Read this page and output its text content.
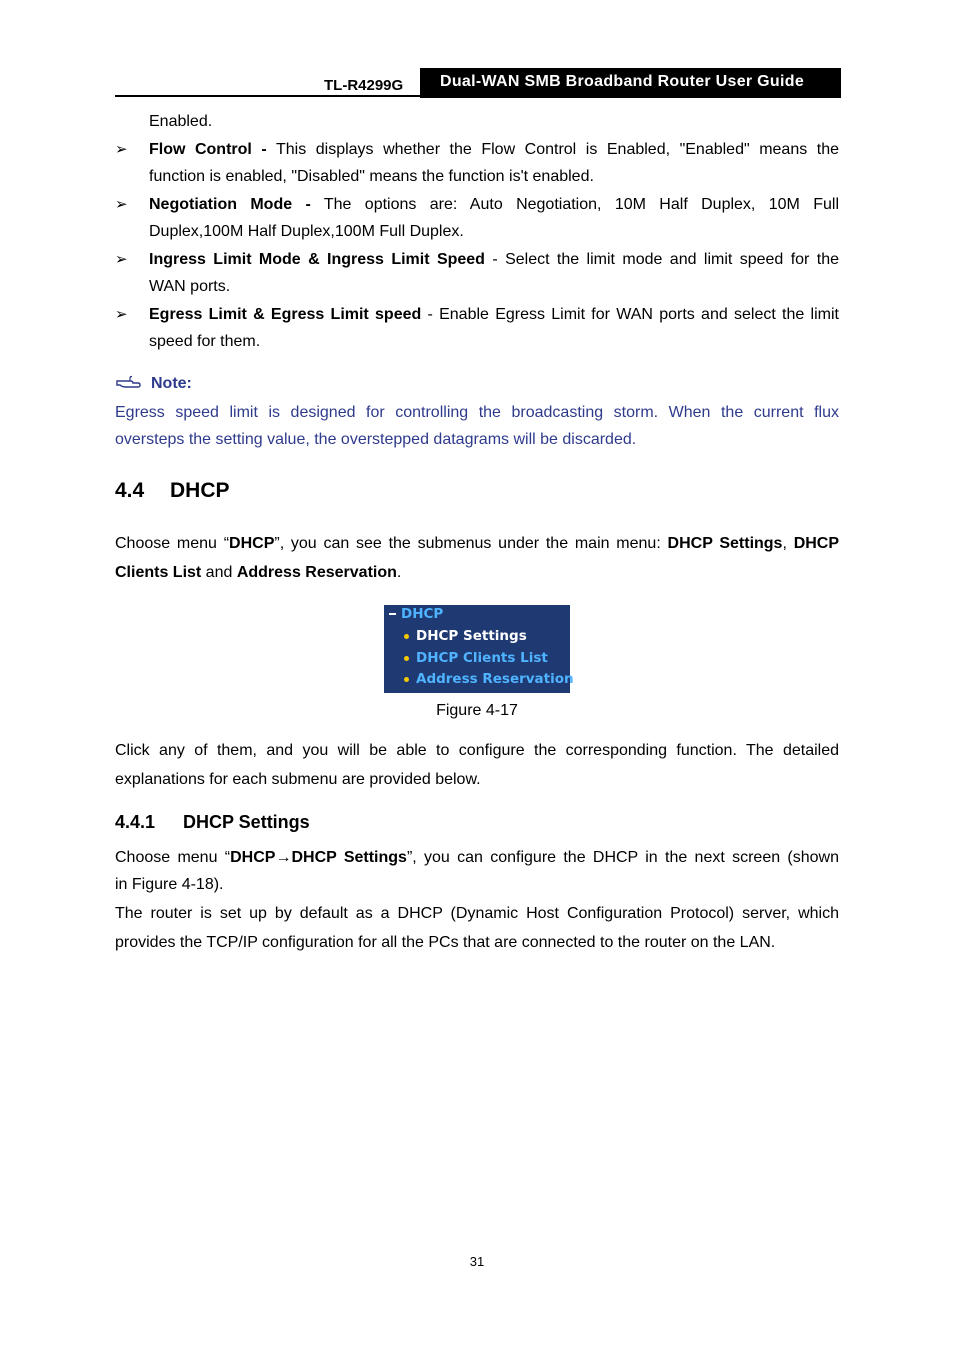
TL-R4299G	Dual-WAN SMB Broadband Router User Guide
Enabled.
➢ Flow Control - This displays whether the Flow Control is Enabled, "Enabled" means the
function is enabled, "Disabled" means the function is't enabled.
➢ Negotiation Mode - The options are: Auto Negotiation, 10M Half Duplex, 10M Full
Duplex,100M Half Duplex,100M Full Duplex.
➢ Ingress Limit Mode & Ingress Limit Speed - Select the limit mode and limit speed for the
WAN ports.
➢ Egress Limit & Egress Limit speed - Enable Egress Limit for WAN ports and select the limit
speed for them.
Note:
Egress speed limit is designed for controlling the broadcasting storm. When the current flux
oversteps the setting value, the overstepped datagrams will be discarded.
4.4 DHCP
Choose menu “DHCP”, you can see the submenus under the main menu: DHCP Settings, DHCP
Clients List and Address Reservation.
DHCP
DHCP Settings
DHCP Clients List
Address Reservation
Figure 4-17
Click any of them, and you will be able to configure the corresponding function. The detailed
explanations for each submenu are provided below.
4.4.1 DHCP Settings
Choose menu “DHCP→DHCP Settings”, you can configure the DHCP in the next screen (shown
in Figure 4-18).
The router is set up by default as a DHCP (Dynamic Host Configuration Protocol) server, which
provides the TCP/IP configuration for all the PCs that are connected to the router on the LAN.
31
